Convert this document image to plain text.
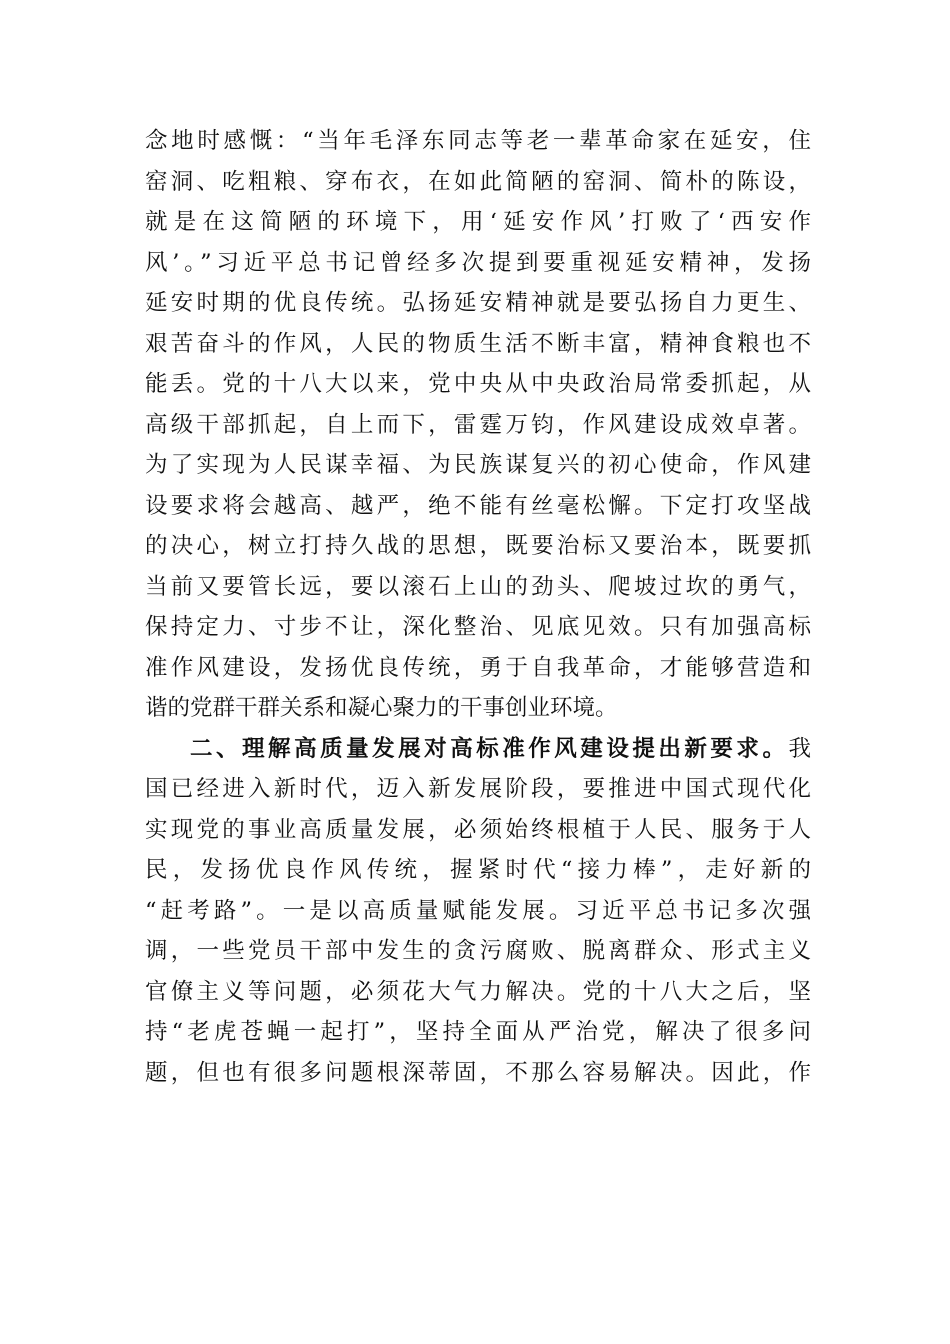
念地时感慨：“当年毛泽东同志等老一辈革命家在延安，住
窑洞、吃粗粮、穿布衣，在如此简陋的窑洞、简朴的陈设，
就是在这简陋的环境下，用‘延安作风’打败了‘西安作
风’。”习近平总书记曾经多次提到要重视延安精神，发扬
延安时期的优良传统。弘扬延安精神就是要弘扬自力更生、
艰苦奋斗的作风，人民的物质生活不断丰富，精神食粮也不
能丢。党的十八大以来，党中央从中央政治局常委抓起，从
高级干部抓起，自上而下，雷霆万钧，作风建设成效卓著。
为了实现为人民谋幸福、为民族谋复兴的初心使命，作风建
设要求将会越高、越严，绝不能有丝毫松懈。下定打攻坚战
的决心，树立打持久战的思想，既要治标又要治本，既要抓
当前又要管长远，要以滚石上山的劲头、爬坡过坎的勇气，
保持定力、寸步不让，深化整治、见底见效。只有加强高标
准作风建设，发扬优良传统，勇于自我革命，才能够营造和
谐的党群干群关系和凝心聚力的干事创业环境。
二、理解高质量发展对高标准作风建设提出新要求。我
国已经进入新时代，迈入新发展阶段，要推进中国式现代化
实现党的事业高质量发展，必须始终根植于人民、服务于人
民，发扬优良作风传统，握紧时代“接力棒”，走好新的
“赶考路”。一是以高质量赋能发展。习近平总书记多次强
调，一些党员干部中发生的贪污腐败、脱离群众、形式主义
官僚主义等问题，必须花大气力解决。党的十八大之后，坚
持“老虎苍蝇一起打”，坚持全面从严治党，解决了很多问
题，但也有很多问题根深蒂固，不那么容易解决。因此，作
